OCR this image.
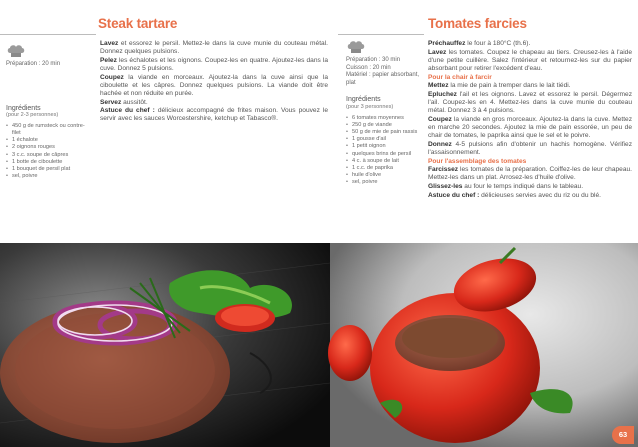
Préparation : 20 min
Ingrédients
(pour 2-3 personnes)
• 450 g de rumsteck ou contre-filet
• 1 échalote
• 2 oignons rouges
• 3 c.c. soupe de câpres
• 1 botte de ciboulette
• 1 bouquet de persil plat
• sel, poivre
Steak tartare

Lavez et essorez le persil. Mettez-le dans la cuve munie du couteau métal. Donnez quelques pulsions.

Pelez les échalotes et les oignons. Coupez-les en quatre. Ajoutez-les dans la cuve. Donnez 5 pulsions.

Coupez la viande en morceaux. Ajoutez-la dans la cuve ainsi que la ciboulette et les câpres. Donnez quelques pulsions. La viande doit être hachée et non réduite en purée.

Servez aussitôt.

Astuce du chef : délicieux accompagné de frites maison. Vous pouvez le servir avec les sauces Worcestershire, ketchup et Tabasco®.

Préparation : 30 min
Cuisson : 20 min
Matériel : papier absorbant, plat
Ingrédients
(pour 3 personnes)
• 6 tomates moyennes
• 250 g de viande
• 50 g de mie de pain rassis
• 1 gousse d'ail
• 1 petit oignon
• quelques brins de persil
• 4 c. à soupe de lait
• 1 c.c. de paprika
• huile d'olive
• sel, poivre
Tomates farcies

Préchauffez le four à 180°C (th.6).

Lavez les tomates. Coupez le chapeau au tiers. Creusez-les à l'aide d'une petite cuillère. Salez l'intérieur et retournez-les sur du papier absorbant pour retirer l'excédent d'eau.

Pour la chair à farcir

Mettez la mie de pain à tremper dans le lait tiédi.

Epluchez l'ail et les oignons. Lavez et essorez le persil. Dégermez l'ail. Coupez-les en 4. Mettez-les dans la cuve munie du couteau métal. Donnez 3 à 4 pulsions.

Coupez la viande en gros morceaux. Ajoutez-la dans la cuve. Mettez en marche 20 secondes. Ajoutez la mie de pain essorée, un peu de chair de tomates, le paprika ainsi que le sel et le poivre.

Donnez 4-5 pulsions afin d'obtenir un hachis homogène. Vérifiez l'assaisonnement.

Pour l'assemblage des tomates

Farcissez les tomates de la préparation. Coiffez-les de leur chapeau. Mettez-les dans un plat. Arrosez-les d'huile d'olive.

Glissez-les au four le temps indiqué dans le tableau.

Astuce du chef : délicieuses servies avec du riz ou du blé.

63
